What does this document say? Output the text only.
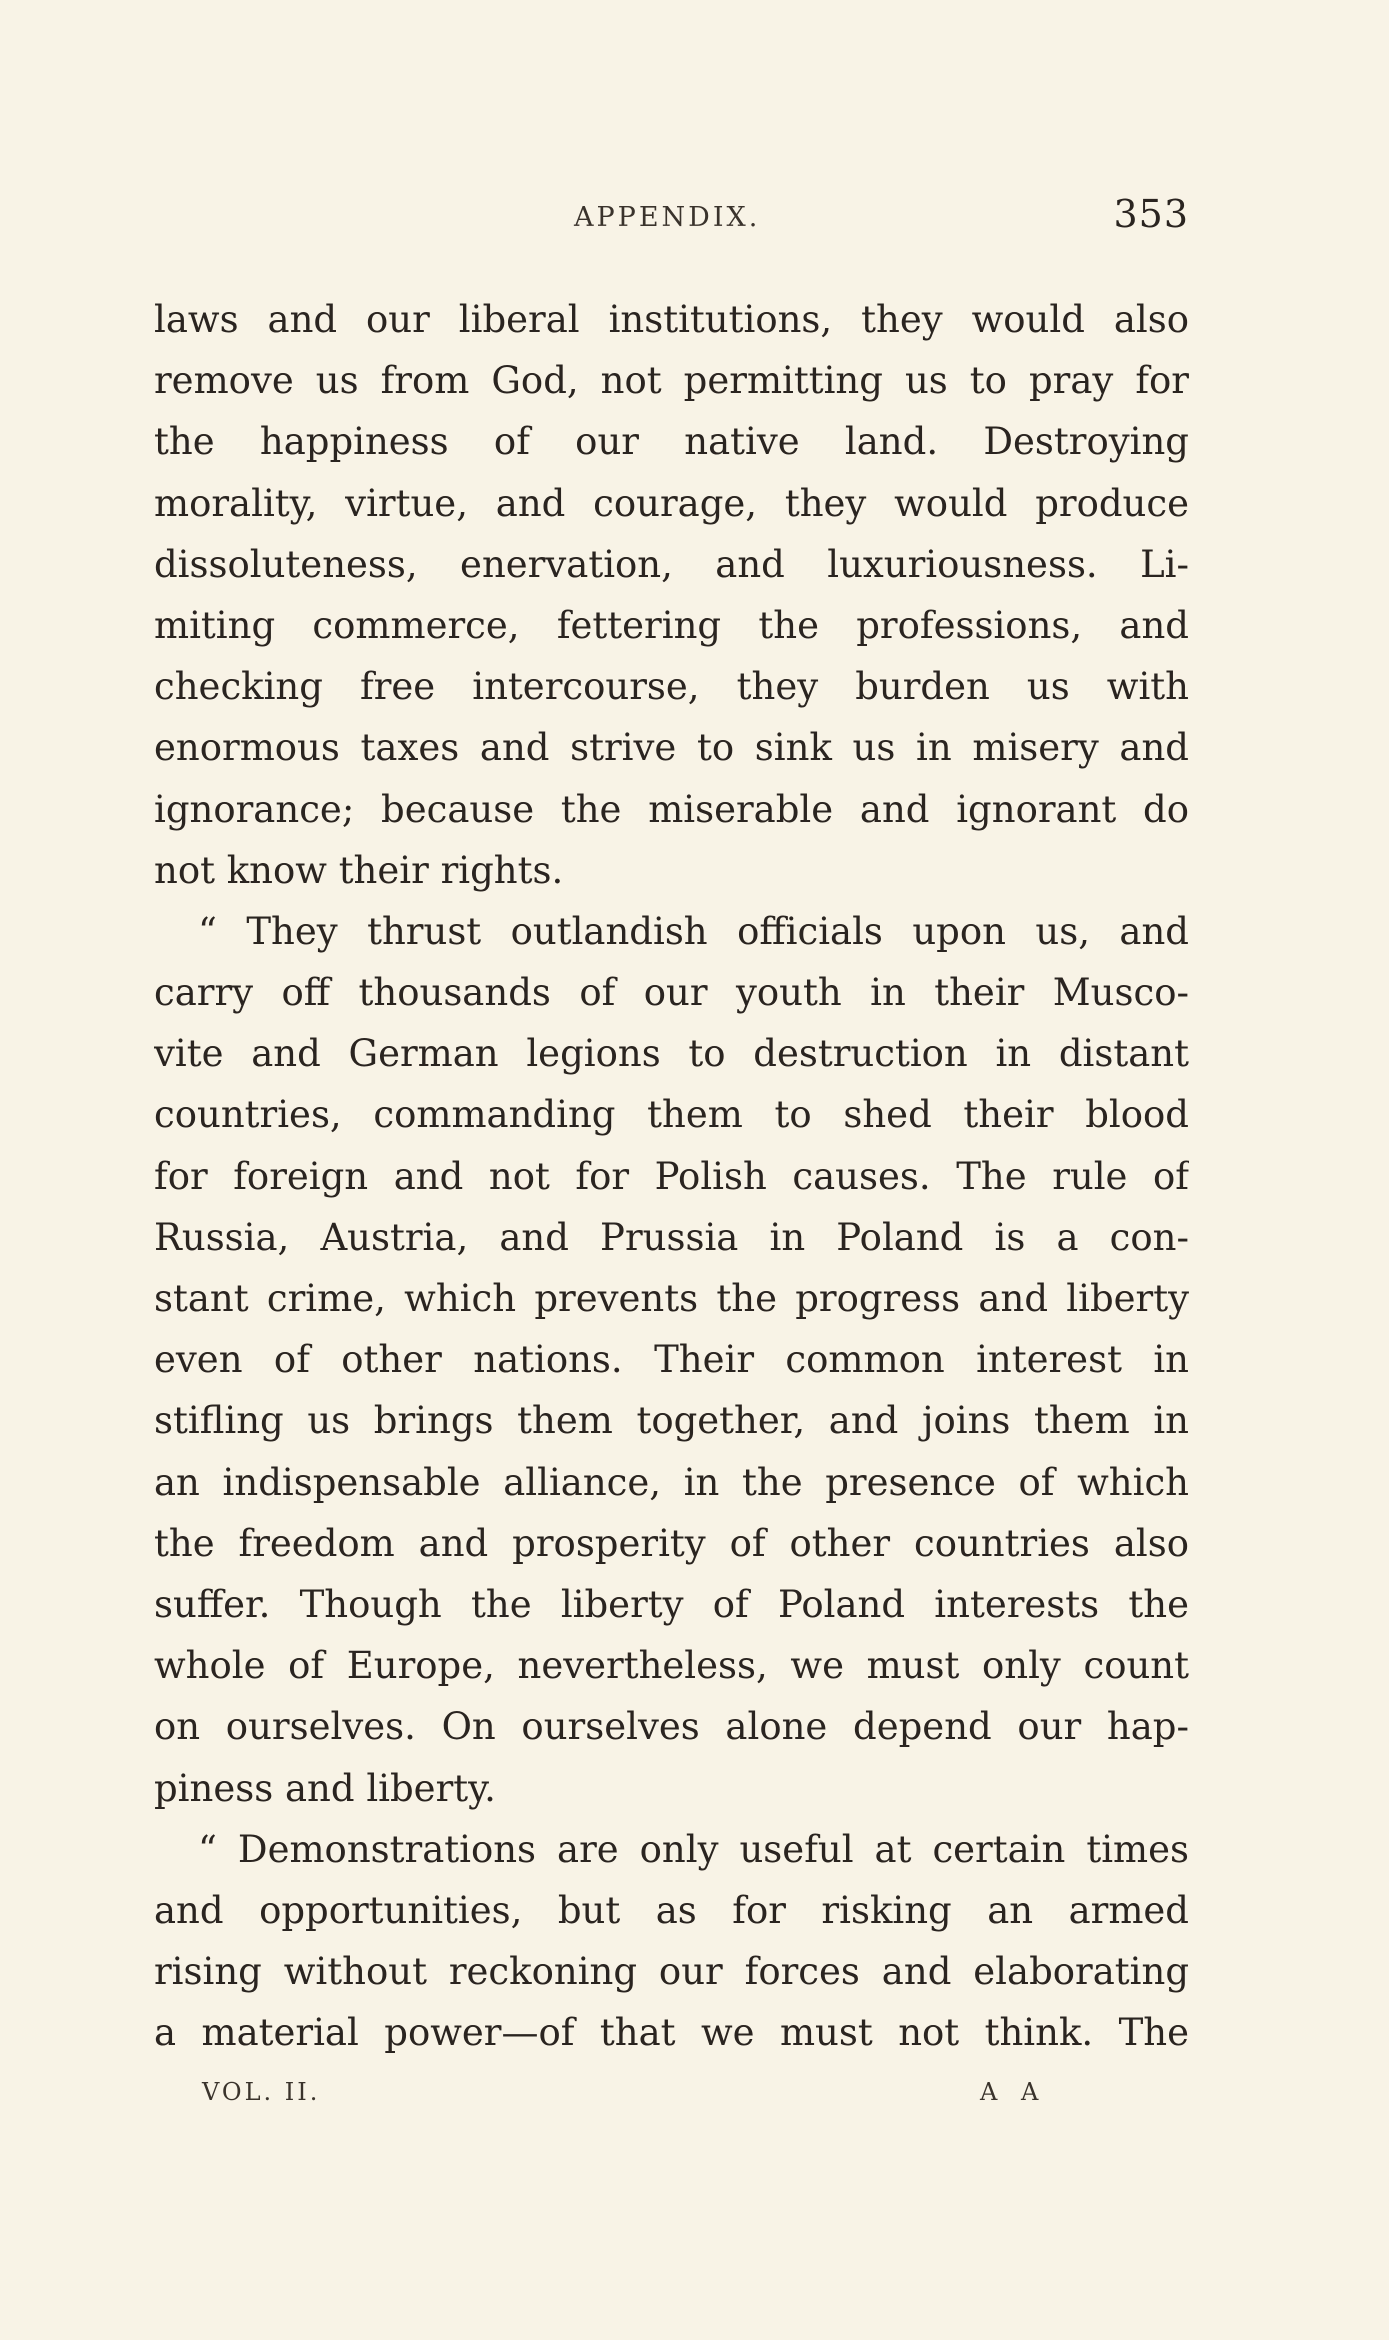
APPENDIX.	353
laws and our liberal institutions, they would also
remove us from God, not permitting us to pray for
the happiness of our native land. Destroying
morality, virtue, and courage, they would produce
dissoluteness, enervation, and luxuriousness. Li-
miting commerce, fettering the professions, and
checking free intercourse, they burden us with
enormous taxes and strive to sink us in misery and
ignorance; because the miserable and ignorant do
not know their rights.
“ They thrust outlandish officials upon us, and
carry off thousands of our youth in their Musco-
vite and German legions to destruction in distant
countries, commanding them to shed their blood
for foreign and not for Polish causes. The rule of
Russia, Austria, and Prussia in Poland is a con-
stant crime, which prevents the progress and liberty
even of other nations. Their common interest in
stifling us brings them together, and joins them in
an indispensable alliance, in the presence of which
the freedom and prosperity of other countries also
suffer. Though the liberty of Poland interests the
whole of Europe, nevertheless, we must only count
on ourselves. On ourselves alone depend our hap-
piness and liberty.
“ Demonstrations are only useful at certain times
and opportunities, but as for risking an armed
rising without reckoning our forces and elaborating
a material power—of that we must not think. The
VOL. II.	A A
